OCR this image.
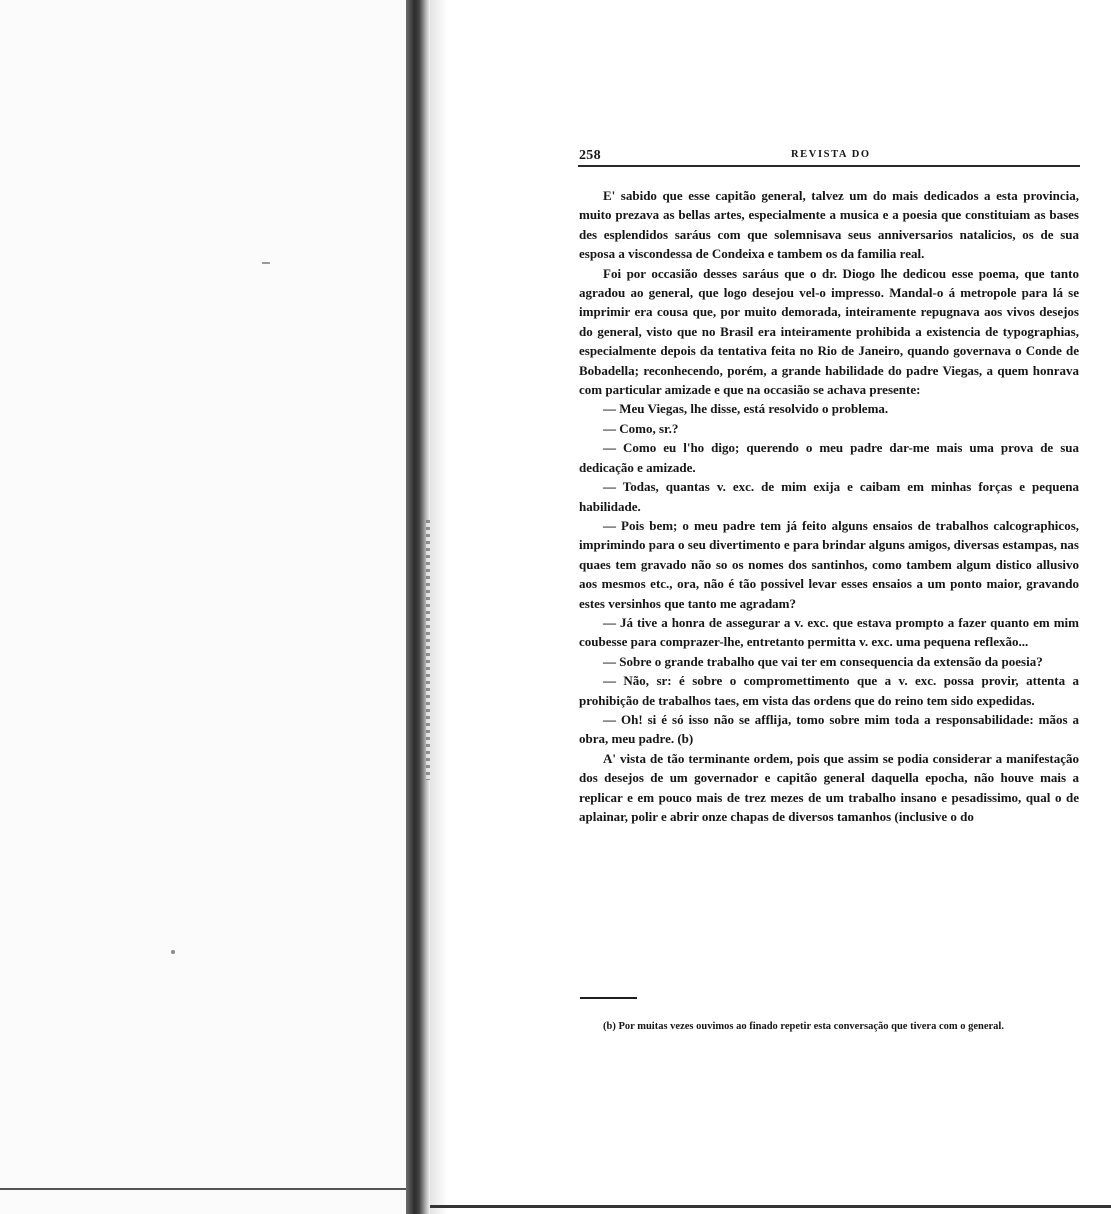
258	REVISTA DO

E' sabido que esse capitão general, talvez um do mais dedicados a esta provincia, muito prezava as bellas artes, especialmente a musica e a poesia que constituiam as bases des esplendidos saráus com que solemnisava seus anniversarios natalicios, os de sua esposa a viscondessa de Condeixa e tambem os da familia real.

Foi por occasião desses saráus que o dr. Diogo lhe dedicou esse poema, que tanto agradou ao general, que logo desejou vel-o impresso. Mandal-o á metropole para lá se imprimir era cousa que, por muito demorada, inteiramente repugnava aos vivos desejos do general, visto que no Brasil era inteiramente prohibida a existencia de typographias, especialmente depois da tentativa feita no Rio de Janeiro, quando governava o Conde de Bobadella; reconhecendo, porém, a grande habilidade do padre Viegas, a quem honrava com particular amizade e que na occasião se achava presente:

— Meu Viegas, lhe disse, está resolvido o problema.

— Como, sr.?

— Como eu l'ho digo; querendo o meu padre dar-me mais uma prova de sua dedicação e amizade.

— Todas, quantas v. exc. de mim exija e caibam em minhas forças e pequena habilidade.

— Pois bem; o meu padre tem já feito alguns ensaios de trabalhos calcographicos, imprimindo para o seu divertimento e para brindar alguns amigos, diversas estampas, nas quaes tem gravado não so os nomes dos santinhos, como tambem algum distico allusivo aos mesmos etc., ora, não é tão possivel levar esses ensaios a um ponto maior, gravando estes versinhos que tanto me agradam?

— Já tive a honra de assegurar a v. exc. que estava prompto a fazer quanto em mim coubesse para comprazer-lhe, entretanto permitta v. exc. uma pequena reflexão...

— Sobre o grande trabalho que vai ter em consequencia da extensão da poesia?

— Não, sr: é sobre o compromettimento que a v. exc. possa provir, attenta a prohibição de trabalhos taes, em vista das ordens que do reino tem sido expedidas.

— Oh! si é só isso não se afflija, tomo sobre mim toda a responsabilidade: mãos a obra, meu padre. (b)

A' vista de tão terminante ordem, pois que assim se podia considerar a manifestação dos desejos de um governador e capitão general daquella epocha, não houve mais a replicar e em pouco mais de trez mezes de um trabalho insano e pesadissimo, qual o de aplainar, polir e abrir onze chapas de diversos tamanhos (inclusive o do

(b) Por muitas vezes ouvimos ao finado repetir esta conversação que tivera com o general.
